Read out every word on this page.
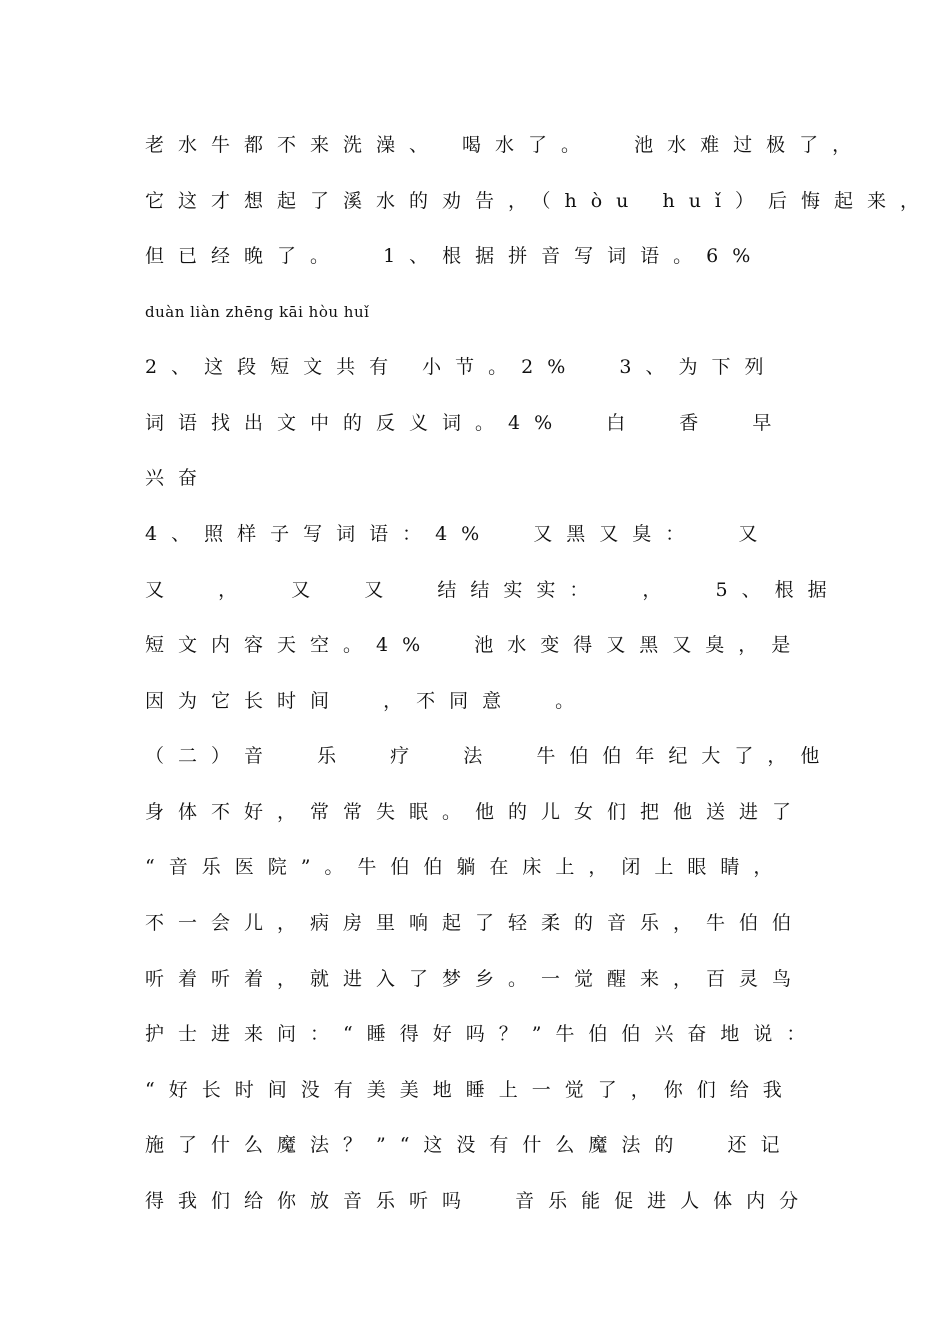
老水牛都不来洗澡、 喝水了。  池水难过极了，
它这才想起了溪水的劝告，（hòu huǐ）后悔起来，
但已经晚了。  1、根据拼音写词语。6%
duàn liàn zhēng kāi hòu huǐ
2、这段短文共有 小节。2%  3、为下列
词语找出文中的反义词。4%  白  香  早
兴奋
4、照样子写词语：4%  又黑又臭：  又
又  ，  又  又  结结实实：  ，  5、根据
短文内容天空。4%  池水变得又黑又臭，是
因为它长时间  ，不同意  。
（二）音  乐  疗  法  牛伯伯年纪大了，他
身体不好，常常失眠。他的儿女们把他送进了
“音乐医院”。牛伯伯躺在床上，闭上眼睛，
不一会儿，病房里响起了轻柔的音乐，牛伯伯
听着听着，就进入了梦乡。一觉醒来，百灵鸟
护士进来问：“睡得好吗？”牛伯伯兴奋地说：
“好长时间没有美美地睡上一觉了，你们给我
施了什么魔法？”“这没有什么魔法的  还记
得我们给你放音乐听吗  音乐能促进人体内分
